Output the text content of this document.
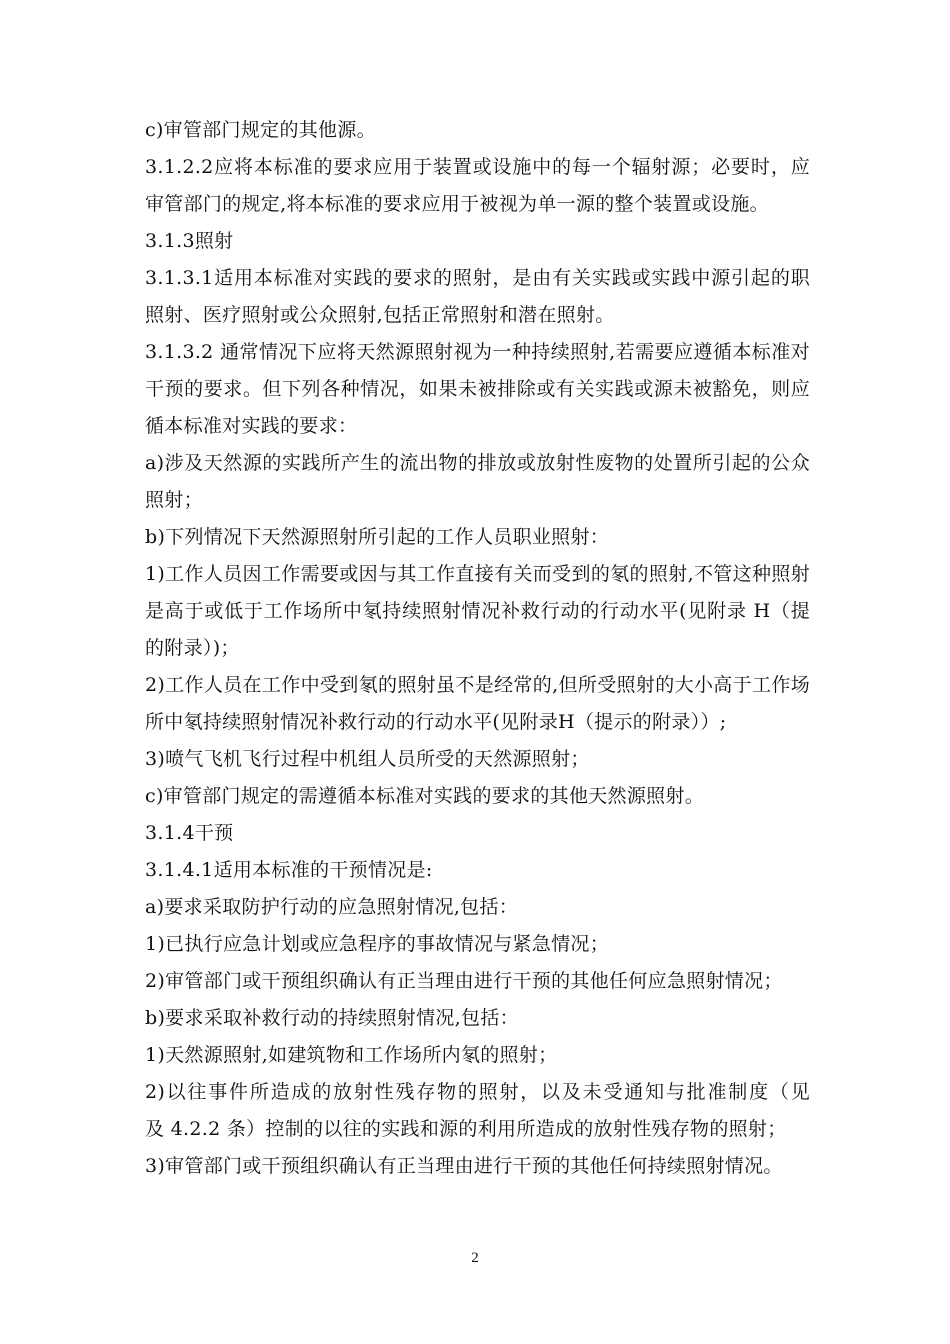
c)审管部门规定的其他源。
3.1.2.2应将本标准的要求应用于装置或设施中的每一个辐射源；必要时，应
审管部门的规定,将本标准的要求应用于被视为单一源的整个装置或设施。
3.1.3照射
3.1.3.1适用本标准对实践的要求的照射，是由有关实践或实践中源引起的职
照射、医疗照射或公众照射,包括正常照射和潜在照射。
3.1.3.2 通常情况下应将天然源照射视为一种持续照射,若需要应遵循本标准对
干预的要求。但下列各种情况，如果未被排除或有关实践或源未被豁免，则应
循本标准对实践的要求：
a)涉及天然源的实践所产生的流出物的排放或放射性废物的处置所引起的公众
照射；
b)下列情况下天然源照射所引起的工作人员职业照射：
1)工作人员因工作需要或因与其工作直接有关而受到的氡的照射,不管这种照射
是高于或低于工作场所中氡持续照射情况补救行动的行动水平(见附录 H（提
的附录）)；
2)工作人员在工作中受到氡的照射虽不是经常的,但所受照射的大小高于工作场
所中氡持续照射情况补救行动的行动水平(见附录H（提示的附录））;
3)喷气飞机飞行过程中机组人员所受的天然源照射；
c)审管部门规定的需遵循本标准对实践的要求的其他天然源照射。
3.1.4干预
3.1.4.1适用本标准的干预情况是:
a)要求采取防护行动的应急照射情况,包括：
1)已执行应急计划或应急程序的事故情况与紧急情况；
2)审管部门或干预组织确认有正当理由进行干预的其他任何应急照射情况；
b)要求采取补救行动的持续照射情况,包括：
1)天然源照射,如建筑物和工作场所内氡的照射；
2)以往事件所造成的放射性残存物的照射，以及未受通知与批准制度（见
及 4.2.2 条）控制的以往的实践和源的利用所造成的放射性残存物的照射；
3)审管部门或干预组织确认有正当理由进行干预的其他任何持续照射情况。
2
